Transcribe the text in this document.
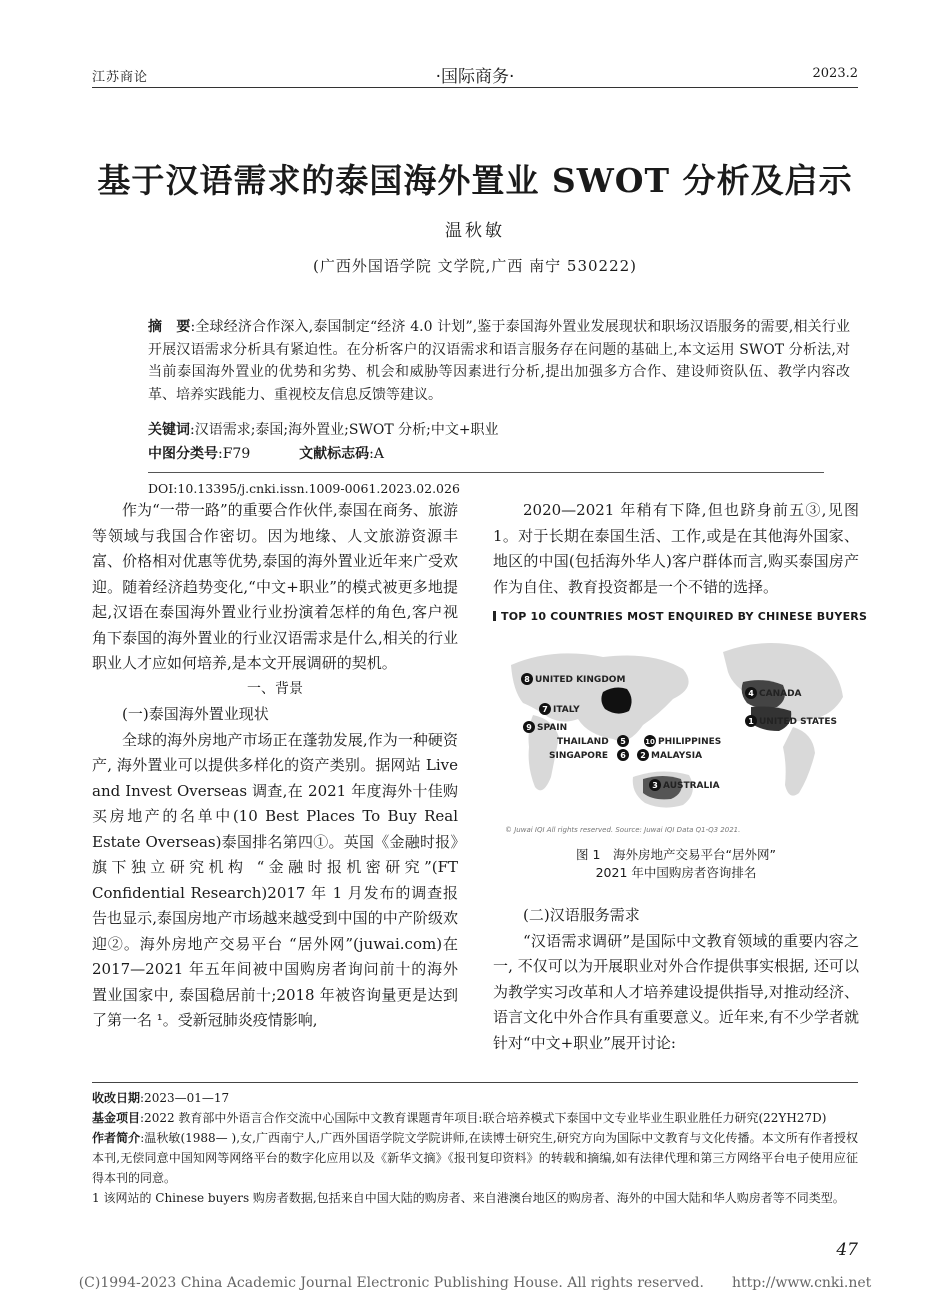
江苏商论	·国际商务·	2023.2
基于汉语需求的泰国海外置业 SWOT 分析及启示
温秋敏
(广西外国语学院 文学院,广西 南宁 530222)
摘　要:全球经济合作深入,泰国制定“经济 4.0 计划”,鉴于泰国海外置业发展现状和职场汉语服务的需要,相关行业开展汉语需求分析具有紧迫性。在分析客户的汉语需求和语言服务存在问题的基础上,本文运用 SWOT 分析法,对当前泰国海外置业的优势和劣势、机会和威胁等因素进行分析,提出加强多方合作、建设师资队伍、教学内容改革、培养实践能力、重视校友信息反馈等建议。
关键词:汉语需求;泰国;海外置业;SWOT 分析;中文+职业
中图分类号:F79	文献标志码:A
DOI:10.13395/j.cnki.issn.1009-0061.2023.02.026

作为“一带一路”的重要合作伙伴,泰国在商务、旅游等领域与我国合作密切。因为地缘、人文旅游资源丰富、价格相对优惠等优势,泰国的海外置业近年来广受欢迎。随着经济趋势变化,“中文+职业”的模式被更多地提起,汉语在泰国海外置业行业扮演着怎样的角色,客户视角下泰国的海外置业的行业汉语需求是什么,相关的行业职业人才应如何培养,是本文开展调研的契机。

一、背景

(一)泰国海外置业现状

全球的海外房地产市场正在蓬勃发展,作为一种硬资产, 海外置业可以提供多样化的资产类别。据网站 Live and Invest Overseas 调查,在 2021 年度海外十佳购买房地产的名单中(10 Best Places To Buy Real Estate Overseas)泰国排名第四①。英国《金融时报》旗下独立研究机构 “金融时报机密研究”(FT Confidential Research)2017 年 1 月发布的调查报告也显示,泰国房地产市场越来越受到中国的中产阶级欢迎②。海外房地产交易平台 “居外网”(juwai.com)在 2017—2021 年五年间被中国购房者询问前十的海外置业国家中, 泰国稳居前十;2018 年被咨询量更是达到了第一名 ¹。受新冠肺炎疫情影响,

2020—2021 年稍有下降,但也跻身前五③,见图 1。对于长期在泰国生活、工作,或是在其他海外国家、地区的中国(包括海外华人)客户群体而言,购买泰国房产作为自住、教育投资都是一个不错的选择。

TOP 10 COUNTRIES MOST ENQUIRED BY CHINESE BUYERS
8 UNITED KINGDOM
7 ITALY
9 SPAIN
THAILAND 5
SINGAPORE 6
10 PHILIPPINES
2 MALAYSIA
3 AUSTRALIA
4 CANADA
1 UNITED STATES
© Juwai IQI All rights reserved. Source: Juwai IQI Data Q1-Q3 2021.
图 1　海外房地产交易平台“居外网”
2021 年中国购房者咨询排名

(二)汉语服务需求

“汉语需求调研”是国际中文教育领域的重要内容之一, 不仅可以为开展职业对外合作提供事实根据, 还可以为教学实习改革和人才培养建设提供指导,对推动经济、语言文化中外合作具有重要意义。近年来,有不少学者就针对“中文+职业”展开讨论:

收改日期:2023—01—17

基金项目:2022 教育部中外语言合作交流中心国际中文教育课题青年项目:联合培养模式下泰国中文专业毕业生职业胜任力研究(22YH27D)

作者简介:温秋敏(1988— ),女,广西南宁人,广西外国语学院文学院讲师,在读博士研究生,研究方向为国际中文教育与文化传播。本文所有作者授权本刊,无偿同意中国知网等网络平台的数字化应用以及《新华文摘》《报刊复印资料》的转载和摘编,如有法律代理和第三方网络平台电子使用应征得本刊的同意。

1 该网站的 Chinese buyers 购房者数据,包括来自中国大陆的购房者、来自港澳台地区的购房者、海外的中国大陆和华人购房者等不同类型。

47
(C)1994-2023 China Academic Journal Electronic Publishing House. All rights reserved.　　http://www.cnki.net
